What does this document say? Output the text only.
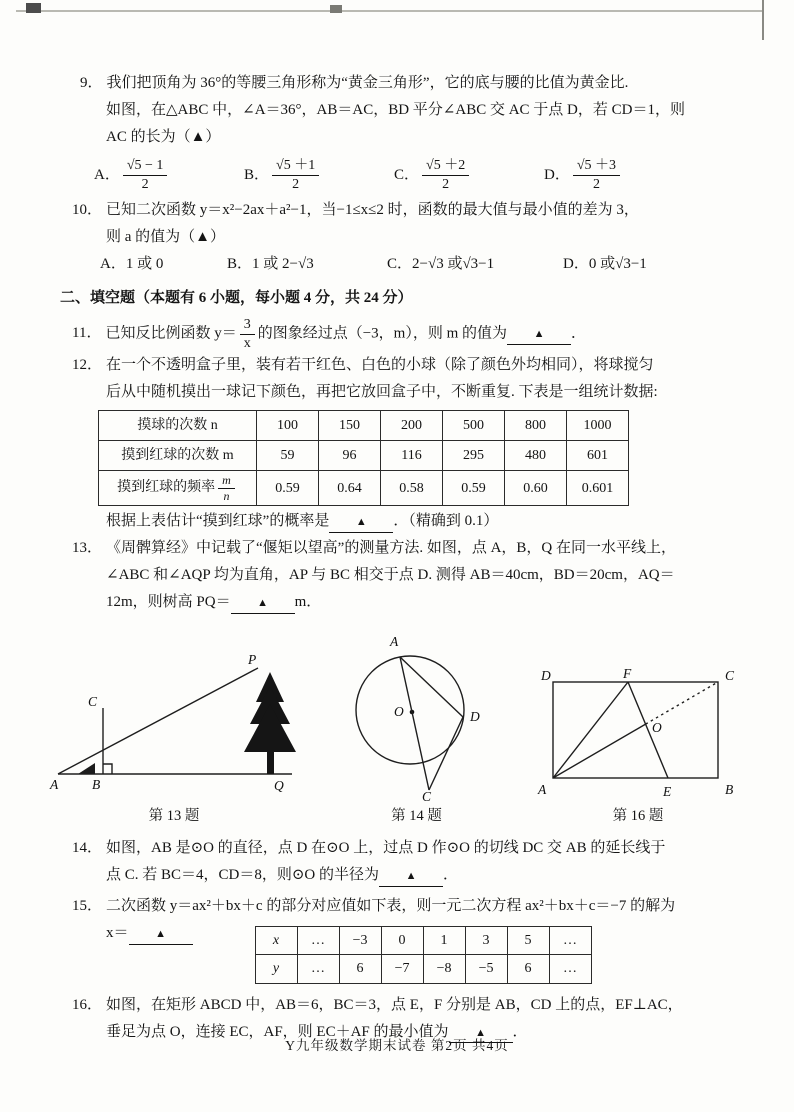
9． 我们把顶角为 36°的等腰三角形称为“黄金三角形”，它的底与腰的比值为黄金比.
如图，在△ABC 中，∠A＝36°，AB＝AC，BD 平分∠ABC 交 AC 于点 D，若 CD＝1，则
AC 的长为（▲）
A． $\frac{√5 - 1}{2}$	B． $\frac{√5 +1}{2}$	C． $\frac{√5 +2}{2}$	D． $\frac{√5 +3}{2}$
10． 已知二次函数 y＝x²−2ax＋a²−1，当−1≤x≤2 时，函数的最大值与最小值的差为 3，
则 a 的值为（▲）
A．1 或 0	B．1 或 2−√3	C．2−√3 或√3−1	D．0 或√3−1
二、填空题（本题有 6 小题，每小题 4 分，共 24 分）
11． 已知反比例函数 $y= \frac{3}{x}$ 的图象经过点（−3，m），则 m 的值为 ▲ ．
12． 在一个不透明盒子里，装有若干红色、白色的小球（除了颜色外均相同），将球搅匀
后从中随机摸出一球记下颜色，再把它放回盒子中，不断重复. 下表是一组统计数据:
摸球的次数 n	100	150	200	500	800	1000
摸到红球的次数 m	59	96	116	295	480	601
摸到红球的频率 $\frac{m}{n}$	0.59	0.64	0.58	0.59	0.60	0.601
根据上表估计“摸到红球”的概率是 ▲ ．（精确到 0.1）
13． 《周髀算经》中记载了“偃矩以望高”的测量方法. 如图，点 A，B，Q 在同一水平线上，
∠ABC 和∠AQP 均为直角，AP 与 BC 相交于点 D. 测得 AB＝40cm，BD＝20cm，AQ＝
12m，则树高 PQ＝ ▲ m．
A	B
C
P
Q
第 13 题
A
O	D
C
第 14 题
D	F	C
O
A	E	B
第 16 题
14． 如图，AB 是⊙O 的直径，点 D 在⊙O 上，过点 D 作⊙O 的切线 DC 交 AB 的延长线于
点 C. 若 BC＝4，CD＝8，则⊙O 的半径为 ▲ ．
15． 二次函数 y＝ax²＋bx＋c 的部分对应值如下表，则一元二次方程 ax²＋bx＋c＝−7 的解为
x＝ ▲	x	…	−3	0	1	3	5	…
y	…	6	−7	−8	−5	6	…
16． 如图，在矩形 ABCD 中，AB＝6，BC＝3，点 E，F 分别是 AB，CD 上的点，EF⊥AC，
垂足为点 O，连接 EC，AF，则 EC＋AF 的最小值为 ▲ ．
Y九年级数学期末试卷 第2页 共4页
